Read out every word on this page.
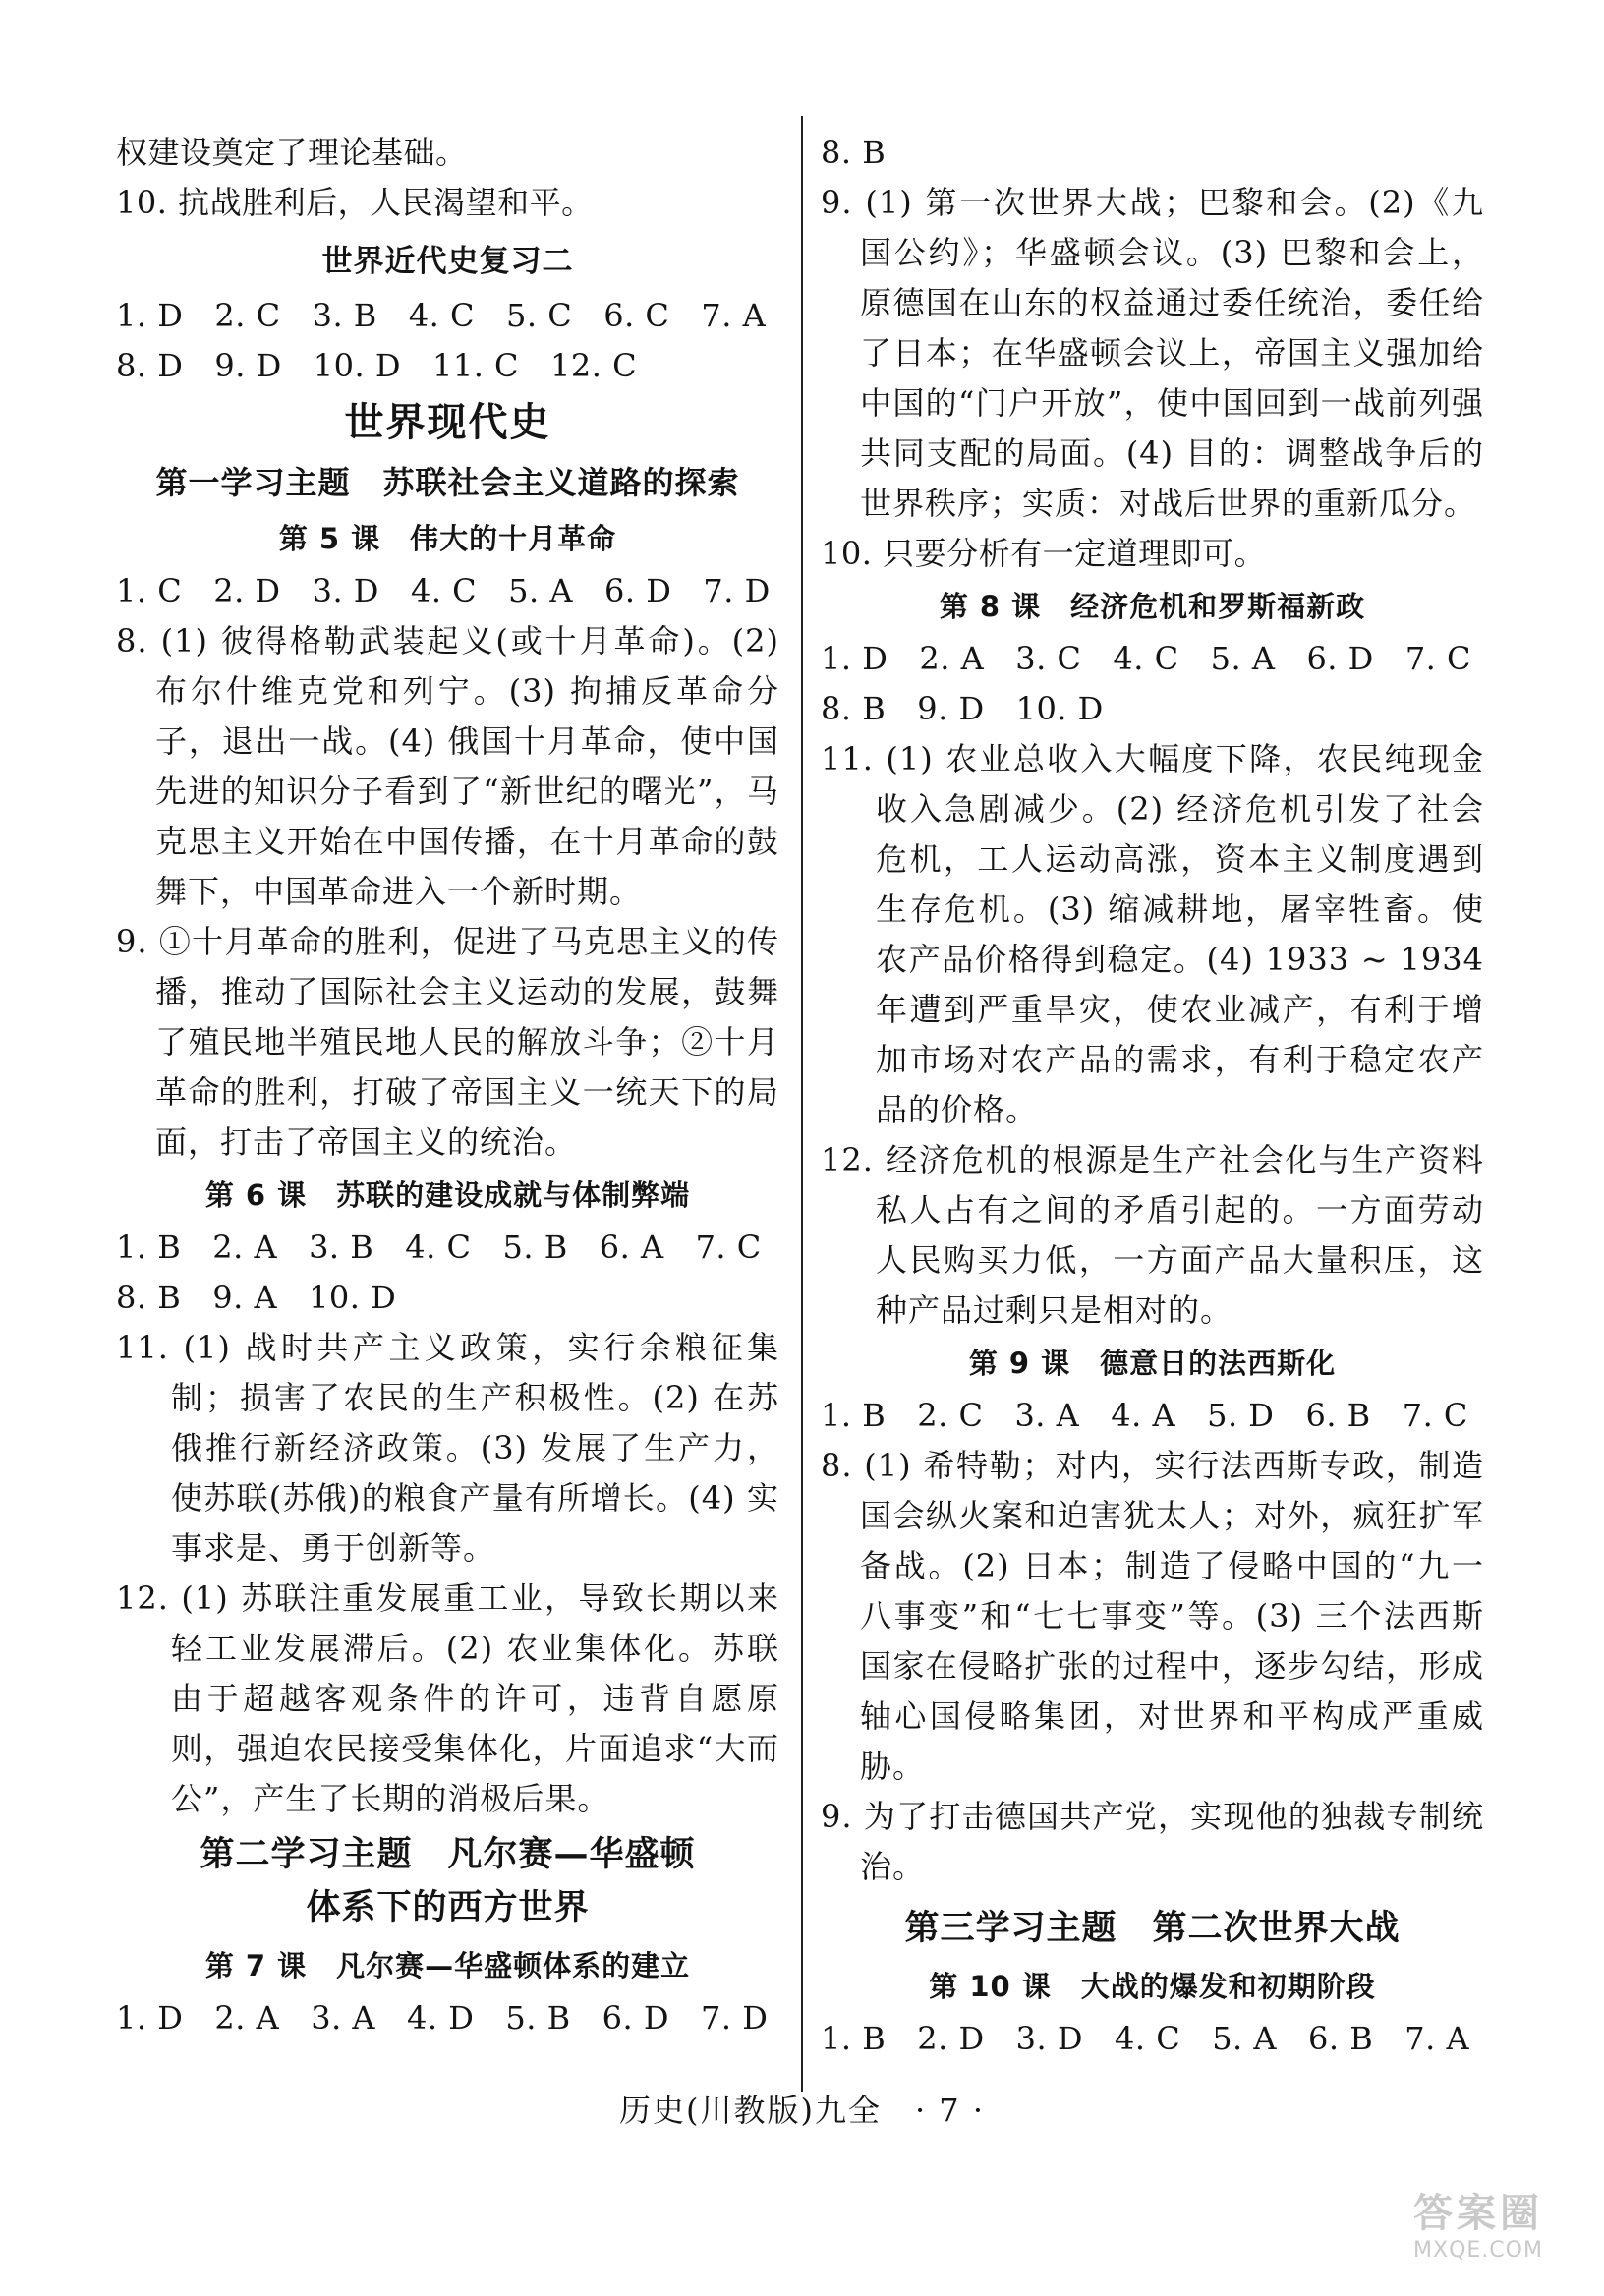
权建设奠定了理论基础。
10. 抗战胜利后，人民渴望和平。
世界近代史复习二
1. D   2. C   3. B   4. C   5. C   6. C   7. A
8. D   9. D   10. D   11. C   12. C
世界现代史
第一学习主题　苏联社会主义道路的探索
第 5 课　伟大的十月革命
1. C   2. D   3. D   4. C   5. A   6. D   7. D
8. (1) 彼得格勒武装起义(或十月革命)。(2) 布尔什维克党和列宁。(3) 拘捕反革命分子，退出一战。(4) 俄国十月革命，使中国先进的知识分子看到了“新世纪的曙光”，马克思主义开始在中国传播，在十月革命的鼓舞下，中国革命进入一个新时期。
9. ①十月革命的胜利，促进了马克思主义的传播，推动了国际社会主义运动的发展，鼓舞了殖民地半殖民地人民的解放斗争；②十月革命的胜利，打破了帝国主义一统天下的局面，打击了帝国主义的统治。
第 6 课　苏联的建设成就与体制弊端
1. B   2. A   3. B   4. C   5. B   6. A   7. C
8. B   9. A   10. D
11. (1) 战时共产主义政策，实行余粮征集制；损害了农民的生产积极性。(2) 在苏俄推行新经济政策。(3) 发展了生产力，使苏联(苏俄)的粮食产量有所增长。(4) 实事求是、勇于创新等。
12. (1) 苏联注重发展重工业，导致长期以来轻工业发展滞后。(2) 农业集体化。苏联由于超越客观条件的许可，违背自愿原则，强迫农民接受集体化，片面追求“大而公”，产生了长期的消极后果。
第二学习主题　凡尔赛—华盛顿
体系下的西方世界
第 7 课　凡尔赛—华盛顿体系的建立
1. D   2. A   3. A   4. D   5. B   6. D   7. D
8. B
9. (1) 第一次世界大战；巴黎和会。(2)《九国公约》；华盛顿会议。(3) 巴黎和会上，原德国在山东的权益通过委任统治，委任给了日本；在华盛顿会议上，帝国主义强加给中国的“门户开放”，使中国回到一战前列强共同支配的局面。(4) 目的：调整战争后的世界秩序；实质：对战后世界的重新瓜分。
10. 只要分析有一定道理即可。
第 8 课　经济危机和罗斯福新政
1. D   2. A   3. C   4. C   5. A   6. D   7. C
8. B   9. D   10. D
11. (1) 农业总收入大幅度下降，农民纯现金收入急剧减少。(2) 经济危机引发了社会危机，工人运动高涨，资本主义制度遇到生存危机。(3) 缩减耕地，屠宰牲畜。使农产品价格得到稳定。(4) 1933 ~ 1934 年遭到严重旱灾，使农业减产，有利于增加市场对农产品的需求，有利于稳定农产品的价格。
12. 经济危机的根源是生产社会化与生产资料私人占有之间的矛盾引起的。一方面劳动人民购买力低，一方面产品大量积压，这种产品过剩只是相对的。
第 9 课　德意日的法西斯化
1. B   2. C   3. A   4. A   5. D   6. B   7. C
8. (1) 希特勒；对内，实行法西斯专政，制造国会纵火案和迫害犹太人；对外，疯狂扩军备战。(2) 日本；制造了侵略中国的“九一八事变”和“七七事变”等。(3) 三个法西斯国家在侵略扩张的过程中，逐步勾结，形成轴心国侵略集团，对世界和平构成严重威胁。
9. 为了打击德国共产党，实现他的独裁专制统治。
第三学习主题　第二次世界大战
第 10 课　大战的爆发和初期阶段
1. B   2. D   3. D   4. C   5. A   6. B   7. A
历史(川教版)九全　· 7 ·
答案圈
MXQE.COM
